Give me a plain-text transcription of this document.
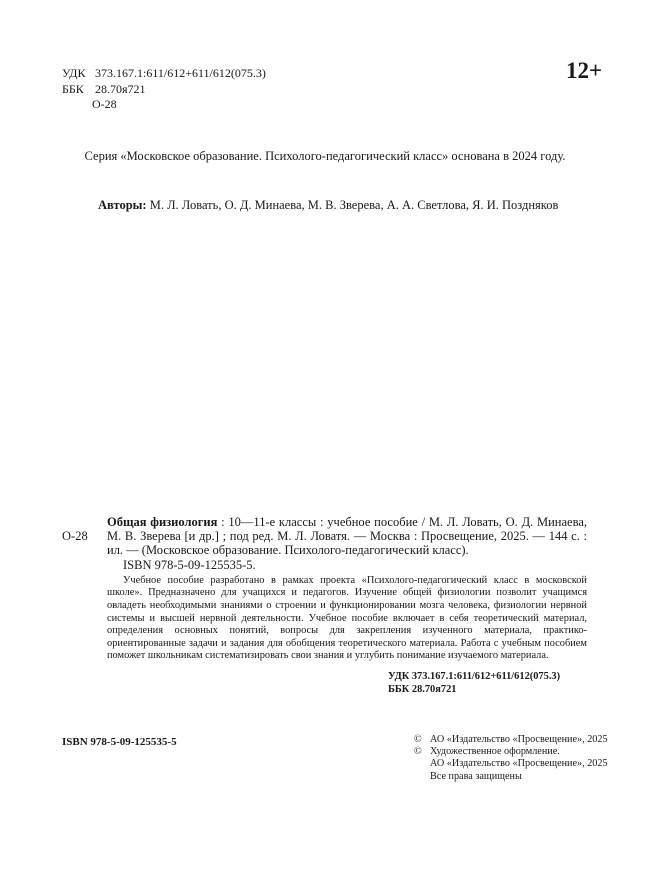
УДК 373.167.1:611/612+611/612(075.3)
ББК 28.70я721
О-28
12+
Серия «Московское образование. Психолого-педагогический класс» основана в 2024 году.
Авторы: М. Л. Ловать, О. Д. Минаева, М. В. Зверева, А. А. Светлова, Я. И. Поздняков
О-28
Общая физиология : 10—11-е классы : учебное пособие / М. Л. Ловать, О. Д. Минаева, М. В. Зверева [и др.] ; под ред. М. Л. Ловатя. — Москва : Просвещение, 2025. — 144 с. : ил. — (Московское образование. Психолого-педагогический класс).
ISBN 978-5-09-125535-5.
Учебное пособие разработано в рамках проекта «Психолого-педагогический класс в московской школе». Предназначено для учащихся и педагогов. Изучение общей физиологии позволит учащимся овладеть необходимыми знаниями о строении и функционировании мозга человека, физиологии нервной системы и высшей нервной деятельности. Учебное пособие включает в себя теоретический материал, определения основных понятий, вопросы для закрепления изученного материала, практико-ориентированные задачи и задания для обобщения теоретического материала. Работа с учебным пособием поможет школьникам систематизировать свои знания и углубить понимание изучаемого материала.
УДК 373.167.1:611/612+611/612(075.3)
ББК 28.70я721
ISBN 978-5-09-125535-5	© АО «Издательство «Просвещение», 2025
© Художественное оформление.
АО «Издательство «Просвещение», 2025
Все права защищены
